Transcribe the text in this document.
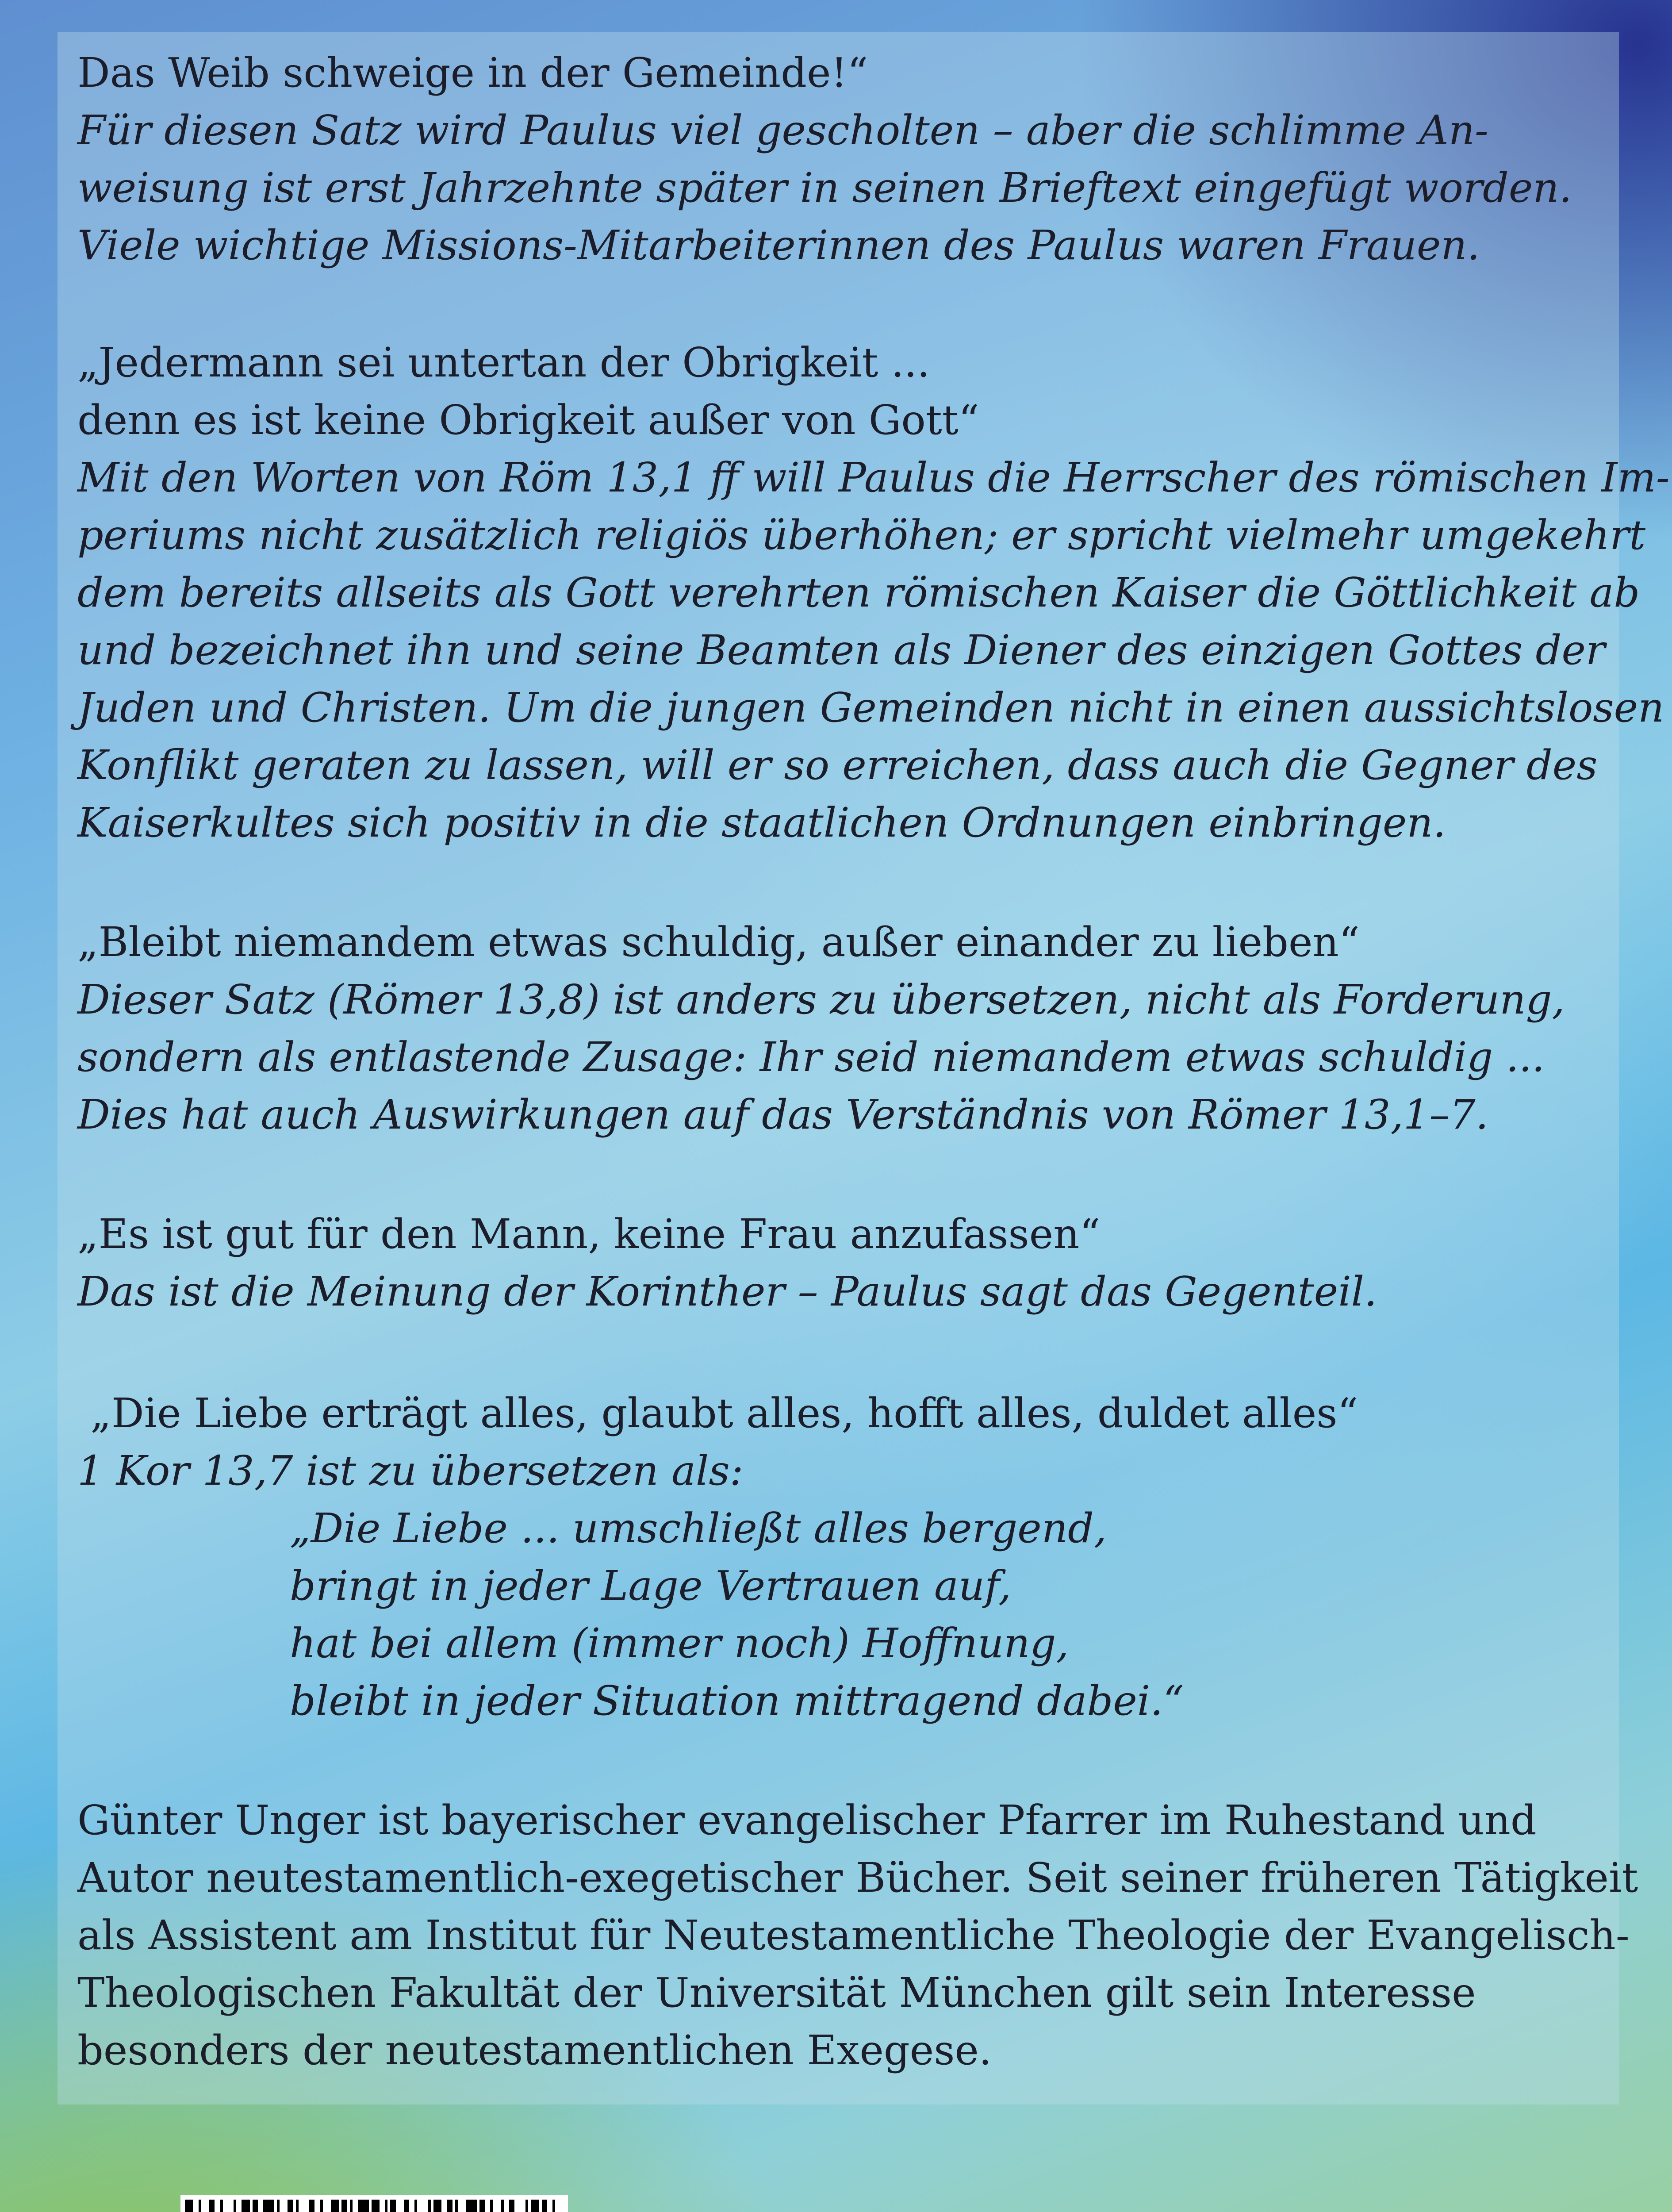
Das Weib schweige in der Gemeinde!“

Für diesen Satz wird Paulus viel gescholten – aber die schlimme An-

weisung ist erst Jahrzehnte später in seinen Brieftext eingefügt worden.

Viele wichtige Missions-Mitarbeiterinnen des Paulus waren Frauen.

„Jedermann sei untertan der Obrigkeit ...

denn es ist keine Obrigkeit außer von Gott“

Mit den Worten von Röm 13,1 ff will Paulus die Herrscher des römischen Im-

periums nicht zusätzlich religiös überhöhen; er spricht vielmehr umgekehrt

dem bereits allseits als Gott verehrten römischen Kaiser die Göttlichkeit ab

und bezeichnet ihn und seine Beamten als Diener des einzigen Gottes der

Juden und Christen. Um die jungen Gemeinden nicht in einen aussichtslosen

Konflikt geraten zu lassen, will er so erreichen, dass auch die Gegner des

Kaiserkultes sich positiv in die staatlichen Ordnungen einbringen.

„Bleibt niemandem etwas schuldig, außer einander zu lieben“

Dieser Satz (Römer 13,8) ist anders zu übersetzen, nicht als Forderung,

sondern als entlastende Zusage: Ihr seid niemandem etwas schuldig ...

Dies hat auch Auswirkungen auf das Verständnis von Römer 13,1–7.

„Es ist gut für den Mann, keine Frau anzufassen“

Das ist die Meinung der Korinther – Paulus sagt das Gegenteil.

„Die Liebe erträgt alles, glaubt alles, hofft alles, duldet alles“

1 Kor 13,7 ist zu übersetzen als:

„Die Liebe ... umschließt alles bergend,

bringt in jeder Lage Vertrauen auf,

hat bei allem (immer noch) Hoffnung,

bleibt in jeder Situation mittragend dabei.“

Günter Unger ist bayerischer evangelischer Pfarrer im Ruhestand und

Autor neutestamentlich-exegetischer Bücher. Seit seiner früheren Tätigkeit

als Assistent am Institut für Neutestamentliche Theologie der Evangelisch-

Theologischen Fakultät der Universität München gilt sein Interesse

besonders der neutestamentlichen Exegese.
